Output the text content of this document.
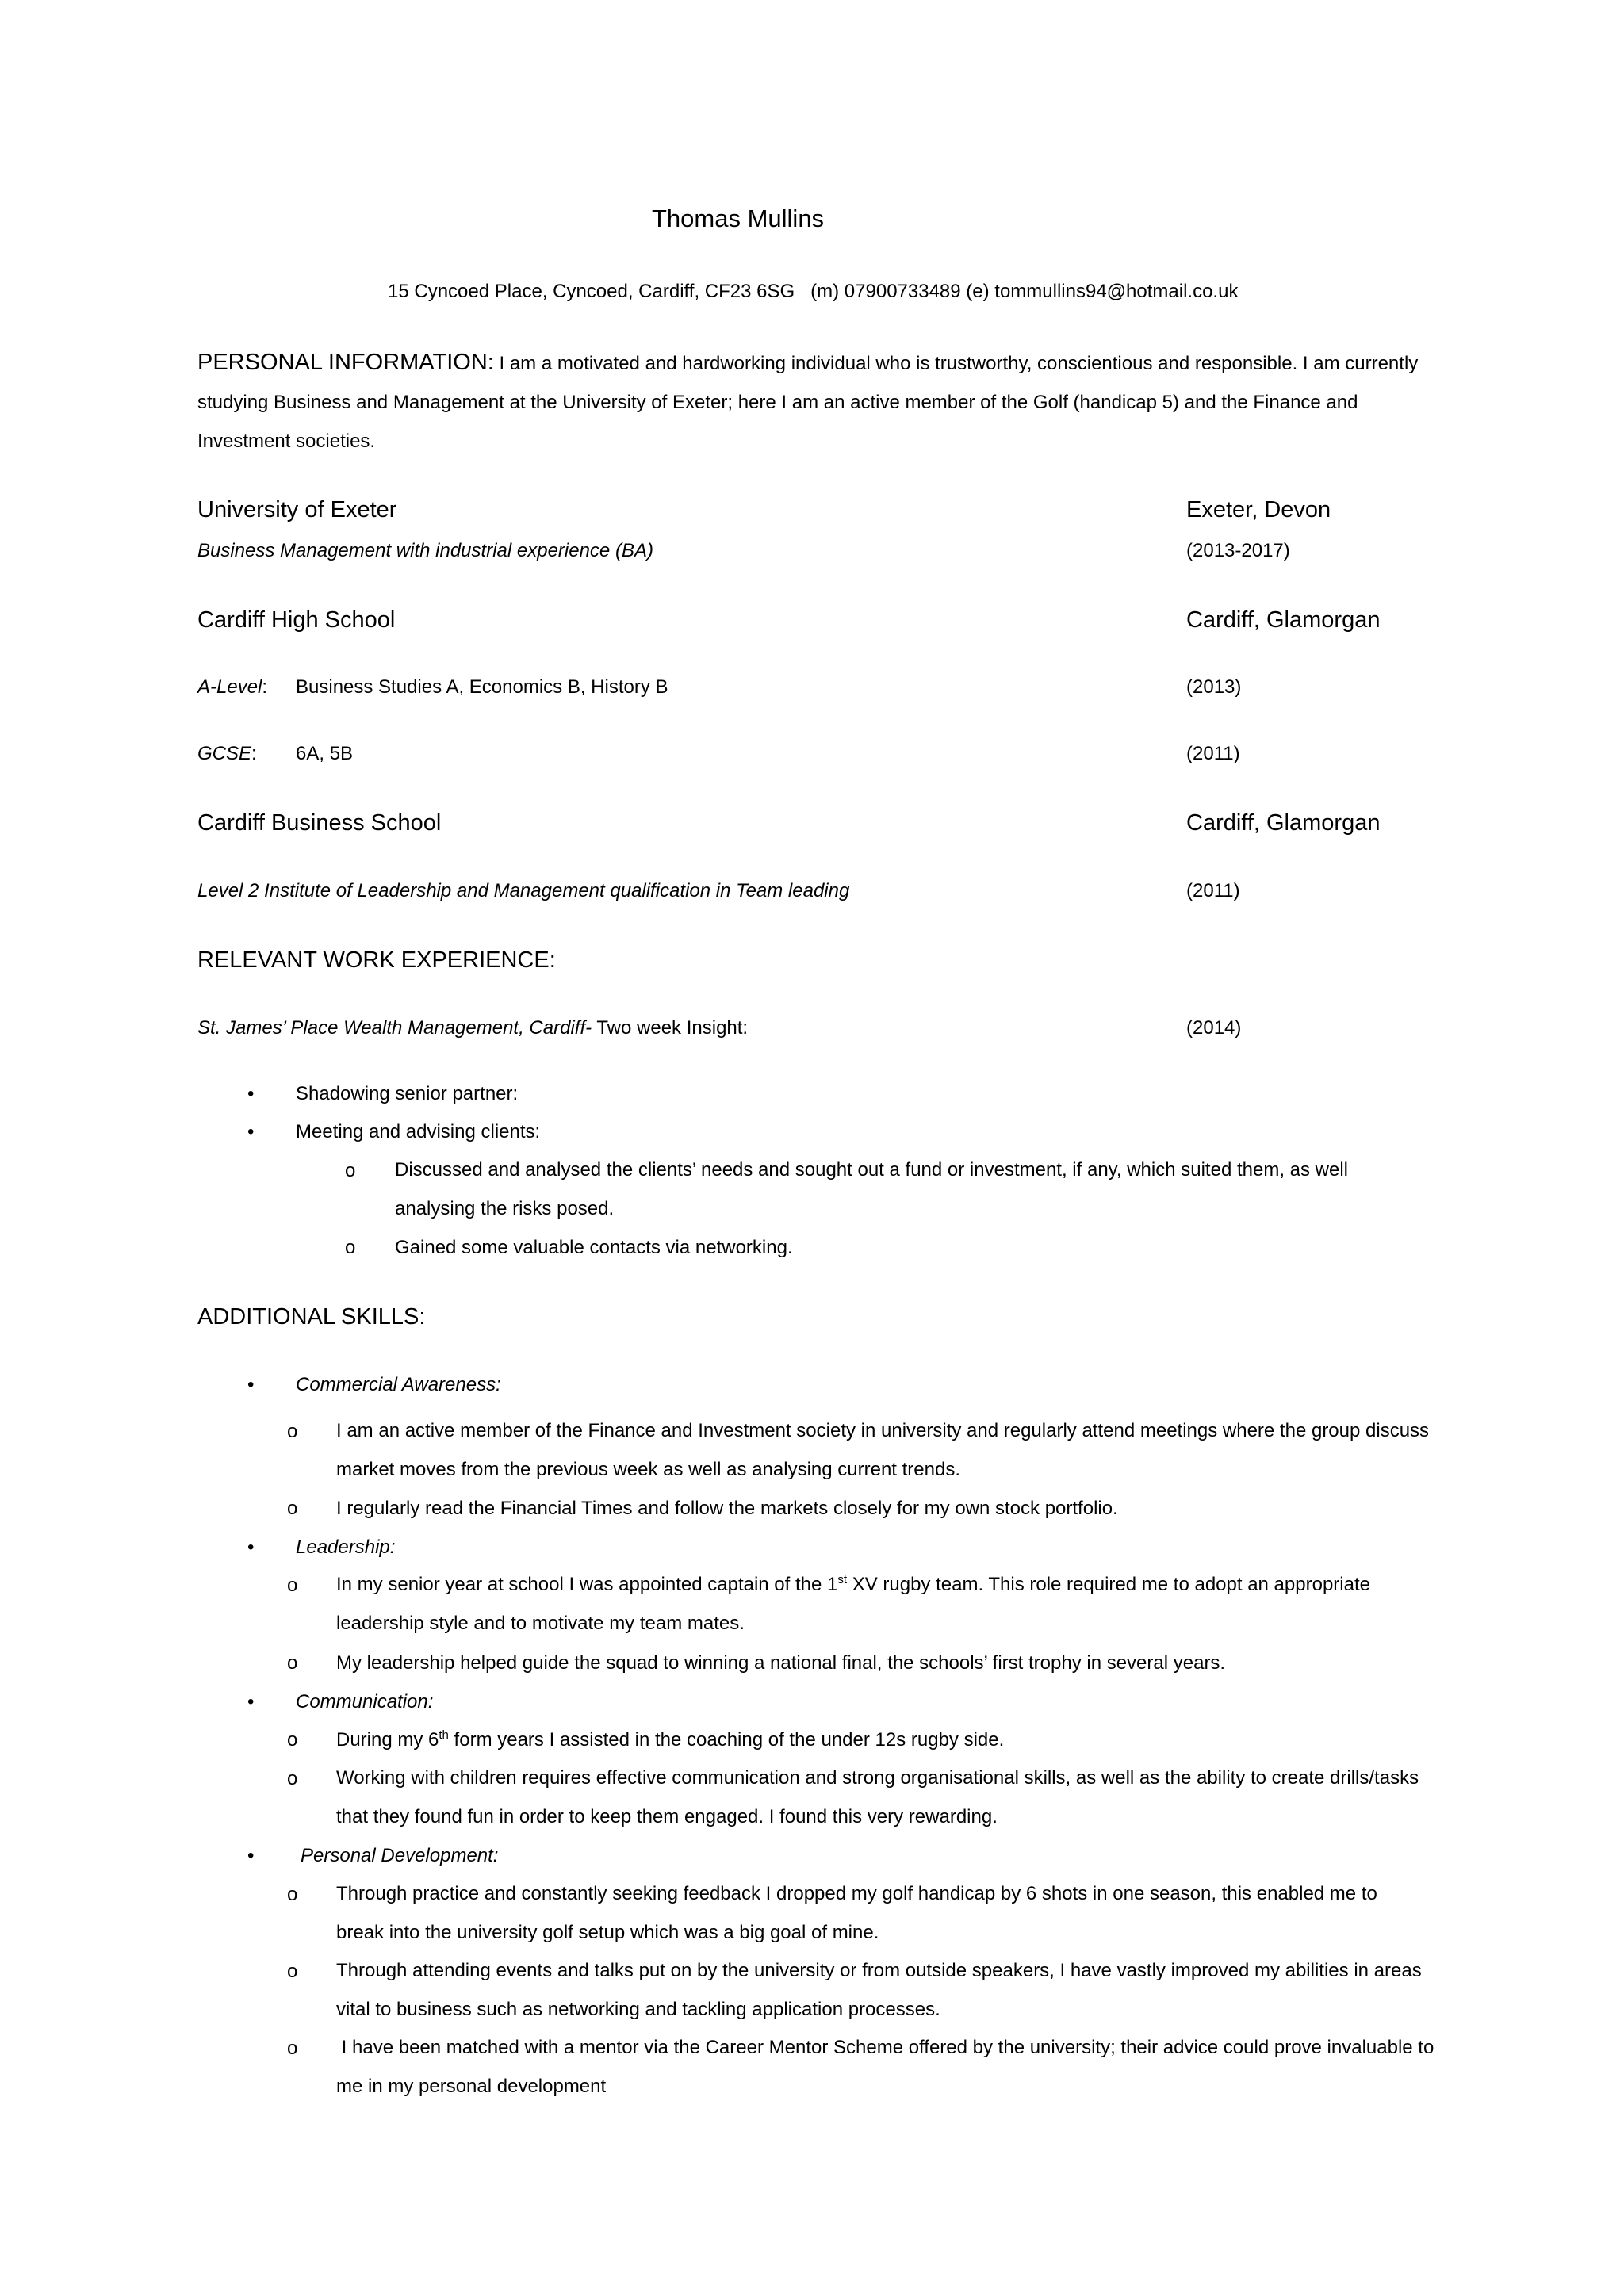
Thomas Mullins
15 Cyncoed Place, Cyncoed, Cardiff, CF23 6SG   (m) 07900733489 (e) tommullins94@hotmail.co.uk
PERSONAL INFORMATION: I am a motivated and hardworking individual who is trustworthy, conscientious and responsible. I am currently studying Business and Management at the University of Exeter; here I am an active member of the Golf (handicap 5) and the Finance and Investment societies.
University of Exeter	Exeter, Devon
Business Management with industrial experience (BA)	(2013-2017)
Cardiff High School	Cardiff, Glamorgan
A-Level: Business Studies A, Economics B, History B	(2013)
GCSE: 6A, 5B	(2011)
Cardiff Business School	Cardiff, Glamorgan
Level 2 Institute of Leadership and Management qualification in Team leading	(2011)
RELEVANT WORK EXPERIENCE:
St. James’ Place Wealth Management, Cardiff- Two week Insight:	(2014)
• Shadowing senior partner:
• Meeting and advising clients:
o Discussed and analysed the clients’ needs and sought out a fund or investment, if any, which suited them, as well analysing the risks posed.
o Gained some valuable contacts via networking.
ADDITIONAL SKILLS:
• Commercial Awareness:
o I am an active member of the Finance and Investment society in university and regularly attend meetings where the group discuss market moves from the previous week as well as analysing current trends.
o I regularly read the Financial Times and follow the markets closely for my own stock portfolio.
• Leadership:
o In my senior year at school I was appointed captain of the 1st XV rugby team. This role required me to adopt an appropriate leadership style and to motivate my team mates.
o My leadership helped guide the squad to winning a national final, the schools’ first trophy in several years.
• Communication:
o During my 6th form years I assisted in the coaching of the under 12s rugby side.
o Working with children requires effective communication and strong organisational skills, as well as the ability to create drills/tasks that they found fun in order to keep them engaged. I found this very rewarding.
• Personal Development:
o Through practice and constantly seeking feedback I dropped my golf handicap by 6 shots in one season, this enabled me to break into the university golf setup which was a big goal of mine.
o Through attending events and talks put on by the university or from outside speakers, I have vastly improved my abilities in areas vital to business such as networking and tackling application processes.
o I have been matched with a mentor via the Career Mentor Scheme offered by the university; their advice could prove invaluable to me in my personal development
